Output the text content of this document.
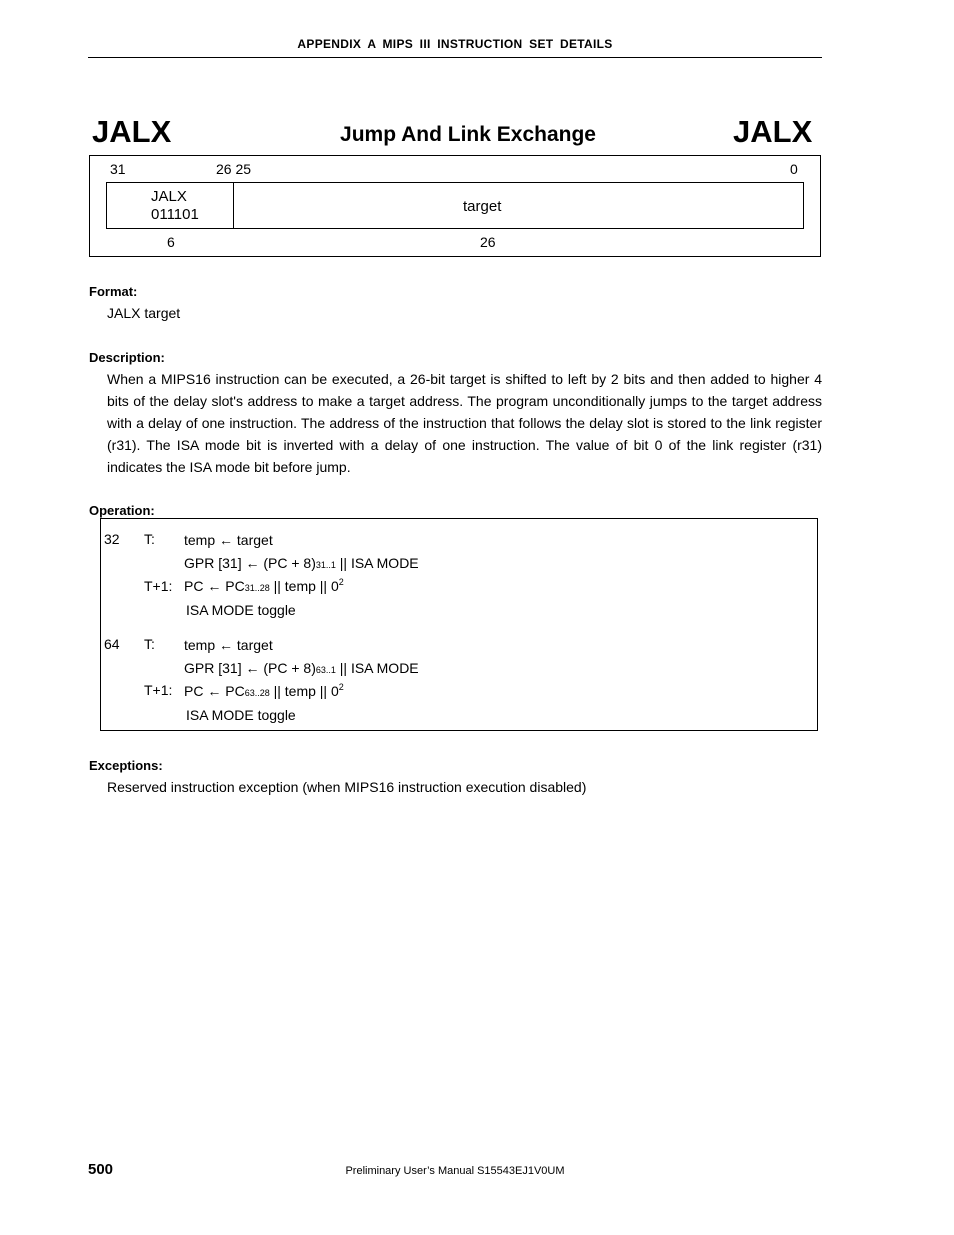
APPENDIX A MIPS III INSTRUCTION SET DETAILS
JALX	Jump And Link Exchange	JALX
31	26 25	0
JALX
011101	target
6	26
Format:
JALX target
Description:
When a MIPS16 instruction can be executed, a 26-bit target is shifted to left by 2 bits and then added to higher 4 bits of the delay slot's address to make a target address. The program unconditionally jumps to the target address with a delay of one instruction. The address of the instruction that follows the delay slot is stored to the link register (r31). The ISA mode bit is inverted with a delay of one instruction. The value of bit 0 of the link register (r31) indicates the ISA mode bit before jump.
Operation:
32 T: temp ← target
GPR [31] ← (PC + 8)31..1 || ISA MODE
T+1: PC ← PC31..28 || temp || $0^2$
ISA MODE toggle
64 T: temp ← target
GPR [31] ← (PC + 8)63..1 || ISA MODE
T+1: PC ← PC63..28 || temp || $0^2$
ISA MODE toggle
Exceptions:
Reserved instruction exception (when MIPS16 instruction execution disabled)
500	Preliminary User’s Manual S15543EJ1V0UM
